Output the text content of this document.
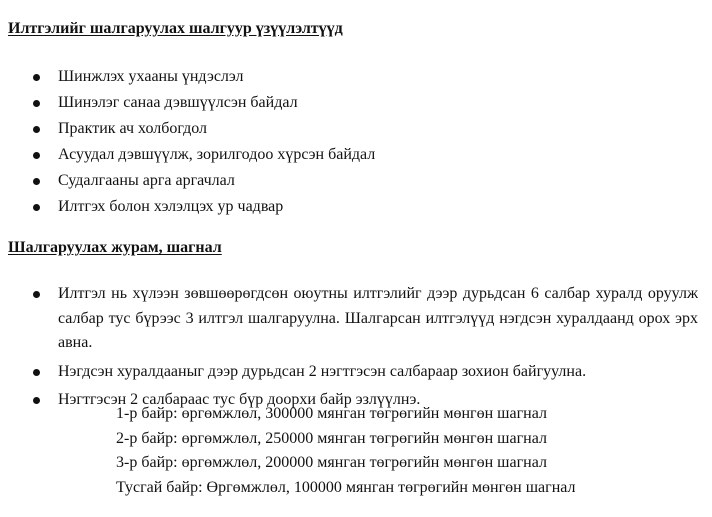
Илтгэлийг шалгаруулах шалгуур үзүүлэлтүүд
Шинжлэх ухааны үндэслэл
Шинэлэг санаа дэвшүүлсэн байдал
Практик ач холбогдол
Асуудал дэвшүүлж, зорилгодоо хүрсэн байдал
Судалгааны арга аргачлал
Илтгэх болон хэлэлцэх ур чадвар
Шалгаруулах журам, шагнал
Илтгэл нь хүлээн зөвшөөрөгдсөн оюутны илтгэлийг дээр дурьдсан 6 салбар хуралд оруулж салбар тус бүрээс 3 илтгэл шалгаруулна. Шалгарсан илтгэлүүд нэгдсэн хуралдаанд орох эрх авна.
Нэгдсэн хуралдааныг дээр дурьдсан 2 нэгтгэсэн салбараар зохион байгуулна.
Нэгтгэсэн 2 салбараас тус бүр доорхи байр эзлүүлнэ.
1-р байр: өргөмжлөл, 300000 мянган төгрөгийн мөнгөн шагнал
2-р байр: өргөмжлөл, 250000 мянган төгрөгийн мөнгөн шагнал
3-р байр: өргөмжлөл, 200000 мянган төгрөгийн мөнгөн шагнал
Тусгай байр: Өргөмжлөл, 100000 мянган төгрөгийн мөнгөн шагнал
